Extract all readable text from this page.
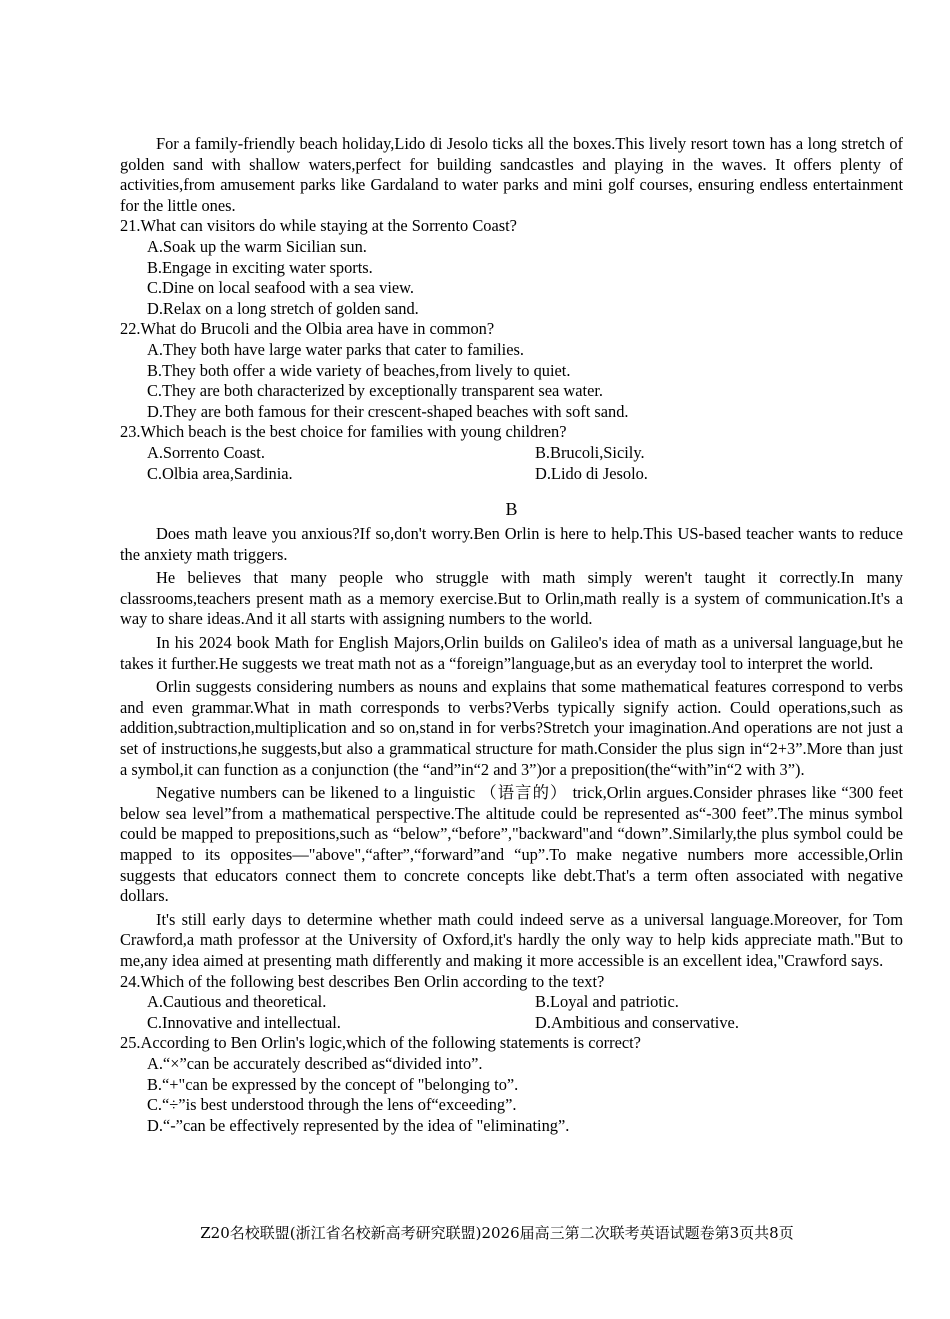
For a family-friendly beach holiday,Lido di Jesolo ticks all the boxes.This lively resort town has a long stretch of golden sand with shallow waters,perfect for building sandcastles and playing in the waves. It offers plenty of activities,from amusement parks like Gardaland to water parks and mini golf courses, ensuring endless entertainment for the little ones.

21.What can visitors do while staying at the Sorrento Coast?

A.Soak up the warm Sicilian sun.

B.Engage in exciting water sports.

C.Dine on local seafood with a sea view.

D.Relax on a long stretch of golden sand.

22.What do Brucoli and the Olbia area have in common?

A.They both have large water parks that cater to families.

B.They both offer a wide variety of beaches,from lively to quiet.

C.They are both characterized by exceptionally transparent sea water.

D.They are both famous for their crescent-shaped beaches with soft sand.

23.Which beach is the best choice for families with young children?

A.Sorrento Coast.	B.Brucoli,Sicily.
C.Olbia area,Sardinia.	D.Lido di Jesolo.
B

Does math leave you anxious?If so,don't worry.Ben Orlin is here to help.This US-based teacher wants to reduce the anxiety math triggers.

He believes that many people who struggle with math simply weren't taught it correctly.In many classrooms,teachers present math as a memory exercise.But to Orlin,math really is a system of communication.It's a way to share ideas.And it all starts with assigning numbers to the world.

In his 2024 book Math for English Majors,Orlin builds on Galileo's idea of math as a universal language,but he takes it further.He suggests we treat math not as a “foreign”language,but as an everyday tool to interpret the world.

Orlin suggests considering numbers as nouns and explains that some mathematical features correspond to verbs and even grammar.What in math corresponds to verbs?Verbs typically signify action. Could operations,such as addition,subtraction,multiplication and so on,stand in for verbs?Stretch your imagination.And operations are not just a set of instructions,he suggests,but also a grammatical structure for math.Consider the plus sign in“2+3”.More than just a symbol,it can function as a conjunction (the “and”in“2 and 3”)or a preposition(the“with”in“2 with 3”).

Negative numbers can be likened to a linguistic （语言的） trick,Orlin argues.Consider phrases like “300 feet below sea level”from a mathematical perspective.The altitude could be represented as“-300 feet”.The minus symbol could be mapped to prepositions,such as “below”,“before”,"backward"and “down”.Similarly,the plus symbol could be mapped to its opposites—"above",“after”,“forward”and “up”.To make negative numbers more accessible,Orlin suggests that educators connect them to concrete concepts like debt.That's a term often associated with negative dollars.

It's still early days to determine whether math could indeed serve as a universal language.Moreover, for Tom Crawford,a math professor at the University of Oxford,it's hardly the only way to help kids appreciate math."But to me,any idea aimed at presenting math differently and making it more accessible is an excellent idea,"Crawford says.

24.Which of the following best describes Ben Orlin according to the text?

A.Cautious and theoretical.	B.Loyal and patriotic.
C.Innovative and intellectual.	D.Ambitious and conservative.

25.According to Ben Orlin's logic,which of the following statements is correct?

A.“×”can be accurately described as“divided into”.

B.“+"can be expressed by the concept of "belonging to”.

C.“÷”is best understood through the lens of“exceeding”.

D.“-”can be effectively represented by the idea of "eliminating”.

Z20名校联盟(浙江省名校新高考研究联盟)2026届高三第二次联考英语试题卷第3页共8页
